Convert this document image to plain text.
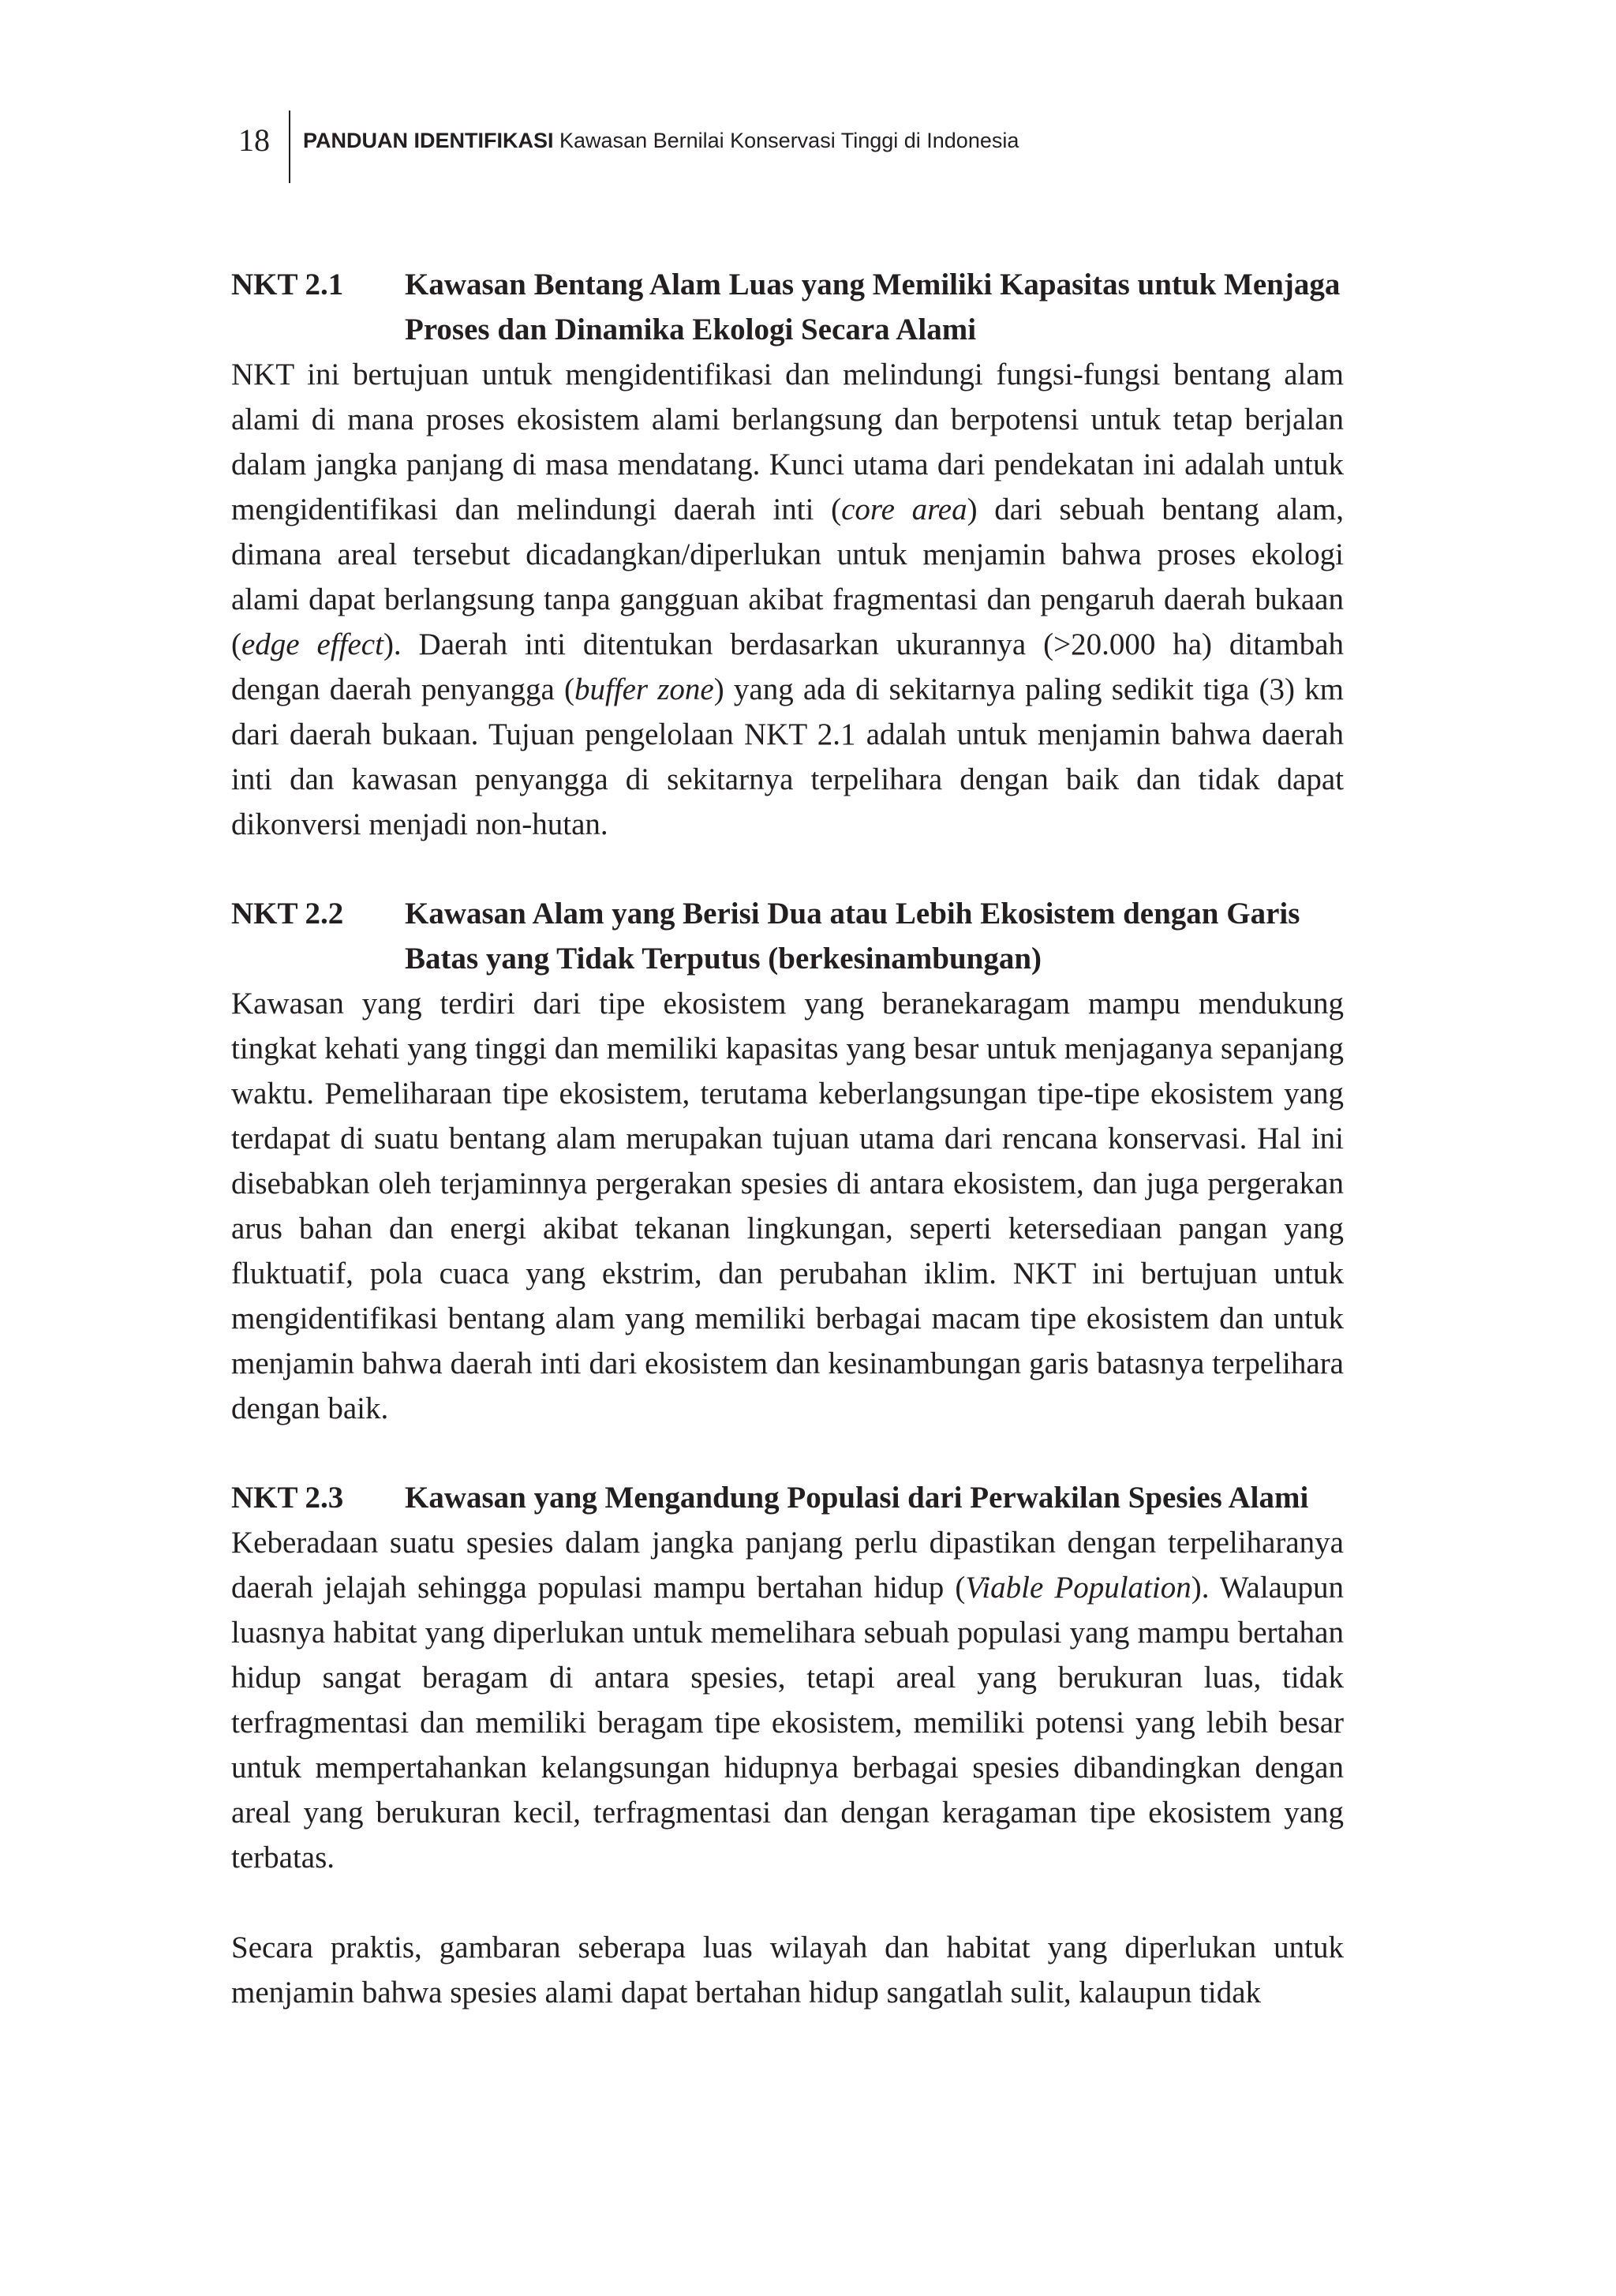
18 PANDUAN IDENTIFIKASI Kawasan Bernilai Konservasi Tinggi di Indonesia
NKT 2.1	Kawasan Bentang Alam Luas yang Memiliki Kapasitas untuk Menjaga Proses dan Dinamika Ekologi Secara Alami

NKT ini bertujuan untuk mengidentifikasi dan melindungi fungsi-fungsi bentang alam alami di mana proses ekosistem alami berlangsung dan berpotensi untuk tetap berjalan dalam jangka panjang di masa mendatang. Kunci utama dari pendekatan ini adalah untuk mengidentifikasi dan melindungi daerah inti (core area) dari sebuah bentang alam, dimana areal tersebut dicadangkan/diperlukan untuk menjamin bahwa proses ekologi alami dapat berlangsung tanpa gangguan akibat fragmentasi dan pengaruh daerah bukaan (edge effect). Daerah inti ditentukan berdasarkan ukurannya (>20.000 ha) ditambah dengan daerah penyangga (buffer zone) yang ada di sekitarnya paling sedikit tiga (3) km dari daerah bukaan. Tujuan pengelolaan NKT 2.1 adalah untuk menjamin bahwa daerah inti dan kawasan penyangga di sekitarnya terpelihara dengan baik dan tidak dapat dikonversi menjadi non-hutan.

NKT 2.2	Kawasan Alam yang Berisi Dua atau Lebih Ekosistem dengan Garis Batas yang Tidak Terputus (berkesinambungan)

Kawasan yang terdiri dari tipe ekosistem yang beranekaragam mampu mendukung tingkat kehati yang tinggi dan memiliki kapasitas yang besar untuk menjaganya sepanjang waktu. Pemeliharaan tipe ekosistem, terutama keberlangsungan tipe-tipe ekosistem yang terdapat di suatu bentang alam merupakan tujuan utama dari rencana konservasi. Hal ini disebabkan oleh terjaminnya pergerakan spesies di antara ekosistem, dan juga pergerakan arus bahan dan energi akibat tekanan lingkungan, seperti ketersediaan pangan yang fluktuatif, pola cuaca yang ekstrim, dan perubahan iklim. NKT ini bertujuan untuk mengidentifikasi bentang alam yang memiliki berbagai macam tipe ekosistem dan untuk menjamin bahwa daerah inti dari ekosistem dan kesinambungan garis batasnya terpelihara dengan baik.

NKT 2.3	Kawasan yang Mengandung Populasi dari Perwakilan Spesies Alami

Keberadaan suatu spesies dalam jangka panjang perlu dipastikan dengan terpeliharanya daerah jelajah sehingga populasi mampu bertahan hidup (Viable Population). Walaupun luasnya habitat yang diperlukan untuk memelihara sebuah populasi yang mampu bertahan hidup sangat beragam di antara spesies, tetapi areal yang berukuran luas, tidak terfragmentasi dan memiliki beragam tipe ekosistem, memiliki potensi yang lebih besar untuk mempertahankan kelangsungan hidupnya berbagai spesies dibandingkan dengan areal yang berukuran kecil, terfragmentasi dan dengan keragaman tipe ekosistem yang terbatas.

Secara praktis, gambaran seberapa luas wilayah dan habitat yang diperlukan untuk menjamin bahwa spesies alami dapat bertahan hidup sangatlah sulit, kalaupun tidak
